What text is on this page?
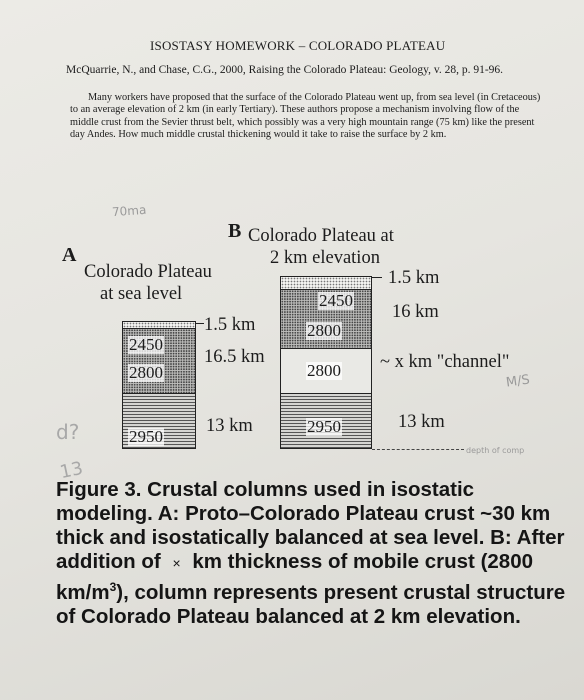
ISOSTASY HOMEWORK – COLORADO PLATEAU
McQuarrie, N., and Chase, C.G., 2000, Raising the Colorado Plateau: Geology, v. 28, p. 91-96.

Many workers have proposed that the surface of the Colorado Plateau went up, from sea level (in Cretaceous) to an average elevation of 2 km (in early Tertiary). These authors propose a mechanism involving flow of the middle crust from the Sevier thrust belt, which possibly was a very high mountain range (75 km) like the present day Andes. How much middle crustal thickening would it take to raise the surface by 2 km.

70ma
d?
13
M/S
depth of comp
A
Colorado Plateau
at sea level
2450
2800
2950
1.5 km
16.5 km
13 km
B Colorado Plateau at
2 km elevation
2450
2800
2800
2950
1.5 km
16 km
~ x km "channel"
13 km
Figure 3. Crustal columns used in isostatic modeling. A: Proto–Colorado Plateau crust ~30 km thick and isostatically balanced at sea level. B: After addition of × km thickness of mobile crust (2800 $km/m^3$), column represents present crustal structure of Colorado Plateau balanced at 2 km elevation.
